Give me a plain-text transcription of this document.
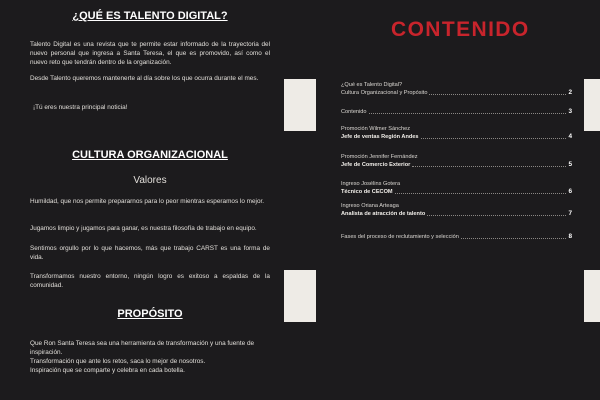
¿QUÉ ES TALENTO DIGITAL?

Talento Digital es una revista que te permite estar informado de la trayectoria del nuevo personal que ingresa a Santa Teresa, el que es promovido, así como el nuevo reto que tendrán dentro de la organización.

Desde Talento queremos mantenerte al día sobre los que ocurra durante el mes.

¡Tú eres nuestra principal noticia!

CULTURA ORGANIZACIONAL
Valores

Humildad, que nos permite prepararnos para lo peor mientras esperamos lo mejor.

Jugamos limpio y jugamos para ganar, es nuestra filosofía de trabajo en equipo.

Sentimos orgullo por lo que hacemos, más que trabajo CARST es una forma de vida.

Transformamos nuestro entorno, ningún logro es exitoso a espaldas de la comunidad.

PROPÓSITO

Que Ron Santa Teresa sea una herramienta de transformación y una fuente de inspiración.

Transformación que ante los retos, saca lo mejor de nosotros.

Inspiración que se comparte y celebra en cada botella.

CONTENIDO
¿Qué es Talento Digital?
Cultura Organizacional y Propósito	2
Contenido	3
Promoción Wilmer Sánchez
Jefe de ventas Región Andes	4
Promoción Jennifer Fernández
Jefe de Comercio Exterior	5
Ingreso Josélins Gotera
Técnico de CECOM	6
Ingreso Oriana Arteaga
Analista de atracción de talento	7
Fases del proceso de reclutamiento y selección	8
